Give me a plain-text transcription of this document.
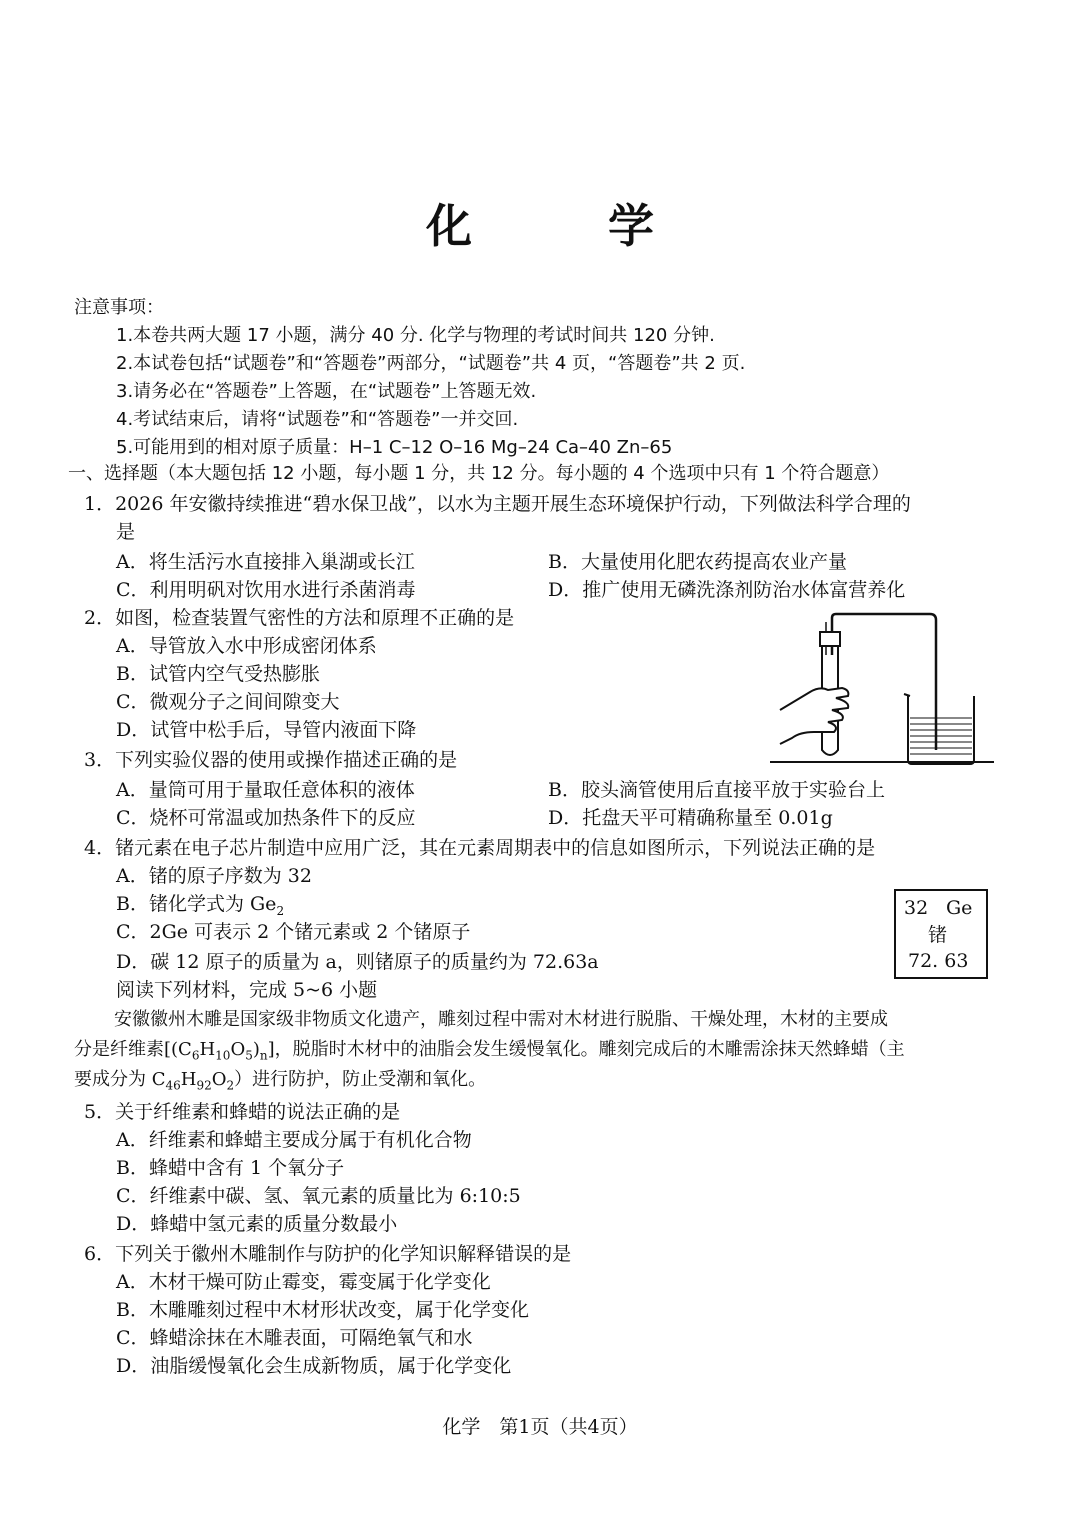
化 学
注意事项：
1.本卷共两大题 17 小题，满分 40 分. 化学与物理的考试时间共 120 分钟.
2.本试卷包括“试题卷”和“答题卷”两部分，“试题卷”共 4 页，“答题卷”共 2 页.
3.请务必在“答题卷”上答题，在“试题卷”上答题无效.
4.考试结束后，请将“试题卷”和“答题卷”一并交回.
5.可能用到的相对原子质量：H–1 C–12 O–16 Mg–24 Ca–40 Zn–65
一、选择题（本大题包括 12 小题，每小题 1 分，共 12 分。每小题的 4 个选项中只有 1 个符合题意）
1．2026 年安徽持续推进“碧水保卫战”，以水为主题开展生态环境保护行动，下列做法科学合理的
是
A．将生活污水直接排入巢湖或长江	B．大量使用化肥农药提高农业产量
C．利用明矾对饮用水进行杀菌消毒	D．推广使用无磷洗涤剂防治水体富营养化
2．如图，检查装置气密性的方法和原理不正确的是
A．导管放入水中形成密闭体系
B．试管内空气受热膨胀
C．微观分子之间间隙变大
D．试管中松手后，导管内液面下降
3．下列实验仪器的使用或操作描述正确的是
A．量筒可用于量取任意体积的液体	B．胶头滴管使用后直接平放于实验台上
C．烧杯可常温或加热条件下的反应	D．托盘天平可精确称量至 0.01g
4．锗元素在电子芯片制造中应用广泛，其在元素周期表中的信息如图所示，下列说法正确的是
A．锗的原子序数为 32
B．锗化学式为 $Ge_2$
C．2Ge 可表示 2 个锗元素或 2 个锗原子
D．碳 12 原子的质量为 a，则锗原子的质量约为 72.63a
32 Ge
锗
72. 63
阅读下列材料，完成 5~6 小题
安徽徽州木雕是国家级非物质文化遗产，雕刻过程中需对木材进行脱脂、干燥处理，木材的主要成
分是纤维素$[(C_6H_{10}O_5)_n]$，脱脂时木材中的油脂会发生缓慢氧化。雕刻完成后的木雕需涂抹天然蜂蜡（主
要成分为 $C_{46}H_{92}O_2$）进行防护，防止受潮和氧化。
5．关于纤维素和蜂蜡的说法正确的是
A．纤维素和蜂蜡主要成分属于有机化合物
B．蜂蜡中含有 1 个氧分子
C．纤维素中碳、氢、氧元素的质量比为 6:10:5
D．蜂蜡中氢元素的质量分数最小
6．下列关于徽州木雕制作与防护的化学知识解释错误的是
A．木材干燥可防止霉变，霉变属于化学变化
B．木雕雕刻过程中木材形状改变，属于化学变化
C．蜂蜡涂抹在木雕表面，可隔绝氧气和水
D．油脂缓慢氧化会生成新物质，属于化学变化
化学　第1页（共4页）
